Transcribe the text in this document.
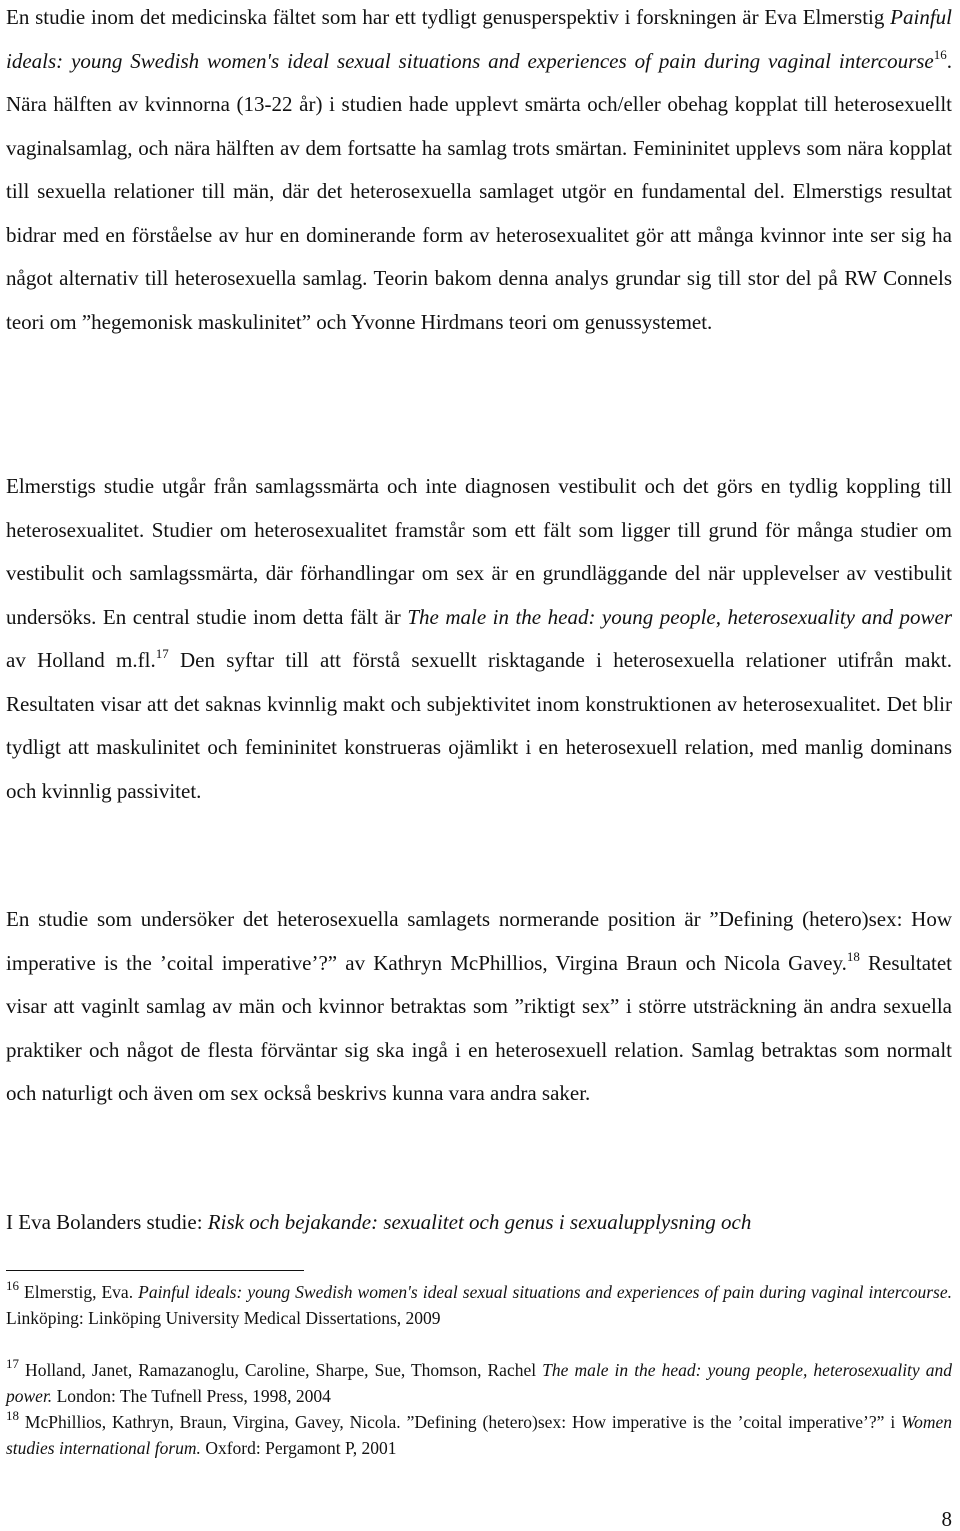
En studie inom det medicinska fältet som har ett tydligt genusperspektiv i forskningen är Eva Elmerstig Painful ideals: young Swedish women's ideal sexual situations and experiences of pain during vaginal intercourse$^{16}$. Nära hälften av kvinnorna (13-22 år) i studien hade upplevt smärta och/eller obehag kopplat till heterosexuellt vaginalsamlag, och nära hälften av dem fortsatte ha samlag trots smärtan. Femininitet upplevs som nära kopplat till sexuella relationer till män, där det heterosexuella samlaget utgör en fundamental del. Elmerstigs resultat bidrar med en förståelse av hur en dominerande form av heterosexualitet gör att många kvinnor inte ser sig ha något alternativ till heterosexuella samlag. Teorin bakom denna analys grundar sig till stor del på RW Connels teori om ”hegemonisk maskulinitet” och Yvonne Hirdmans teori om genussystemet.

Elmerstigs studie utgår från samlagssmärta och inte diagnosen vestibulit och det görs en tydlig koppling till heterosexualitet. Studier om heterosexualitet framstår som ett fält som ligger till grund för många studier om vestibulit och samlagssmärta, där förhandlingar om sex är en grundläggande del när upplevelser av vestibulit undersöks. En central studie inom detta fält är The male in the head: young people, heterosexuality and power av Holland m.fl.$^{17}$ Den syftar till att förstå sexuellt risktagande i heterosexuella relationer utifrån makt. Resultaten visar att det saknas kvinnlig makt och subjektivitet inom konstruktionen av heterosexualitet. Det blir tydligt att maskulinitet och femininitet konstrueras ojämlikt i en heterosexuell relation, med manlig dominans och kvinnlig passivitet.

En studie som undersöker det heterosexuella samlagets normerande position är ”Defining (hetero)sex: How imperative is the ’coital imperative’?” av Kathryn McPhillios, Virgina Braun och Nicola Gavey.$^{18}$ Resultatet visar att vaginlt samlag av män och kvinnor betraktas som ”riktigt sex” i större utsträckning än andra sexuella praktiker och något de flesta förväntar sig ska ingå i en heterosexuell relation. Samlag betraktas som normalt och naturligt och även om sex också beskrivs kunna vara andra saker.

I Eva Bolanders studie: Risk och bejakande: sexualitet och genus i sexualupplysning och

$^{16}$ Elmerstig, Eva. Painful ideals: young Swedish women's ideal sexual situations and experiences of pain during vaginal intercourse. Linköping: Linköping University Medical Dissertations, 2009

$^{17}$ Holland, Janet, Ramazanoglu, Caroline, Sharpe, Sue, Thomson, Rachel The male in the head: young people, heterosexuality and power. London: The Tufnell Press, 1998, 2004

$^{18}$ McPhillios, Kathryn, Braun, Virgina, Gavey, Nicola. ”Defining (hetero)sex: How imperative is the ’coital imperative’?” i Women studies international forum. Oxford: Pergamont P, 2001

8
